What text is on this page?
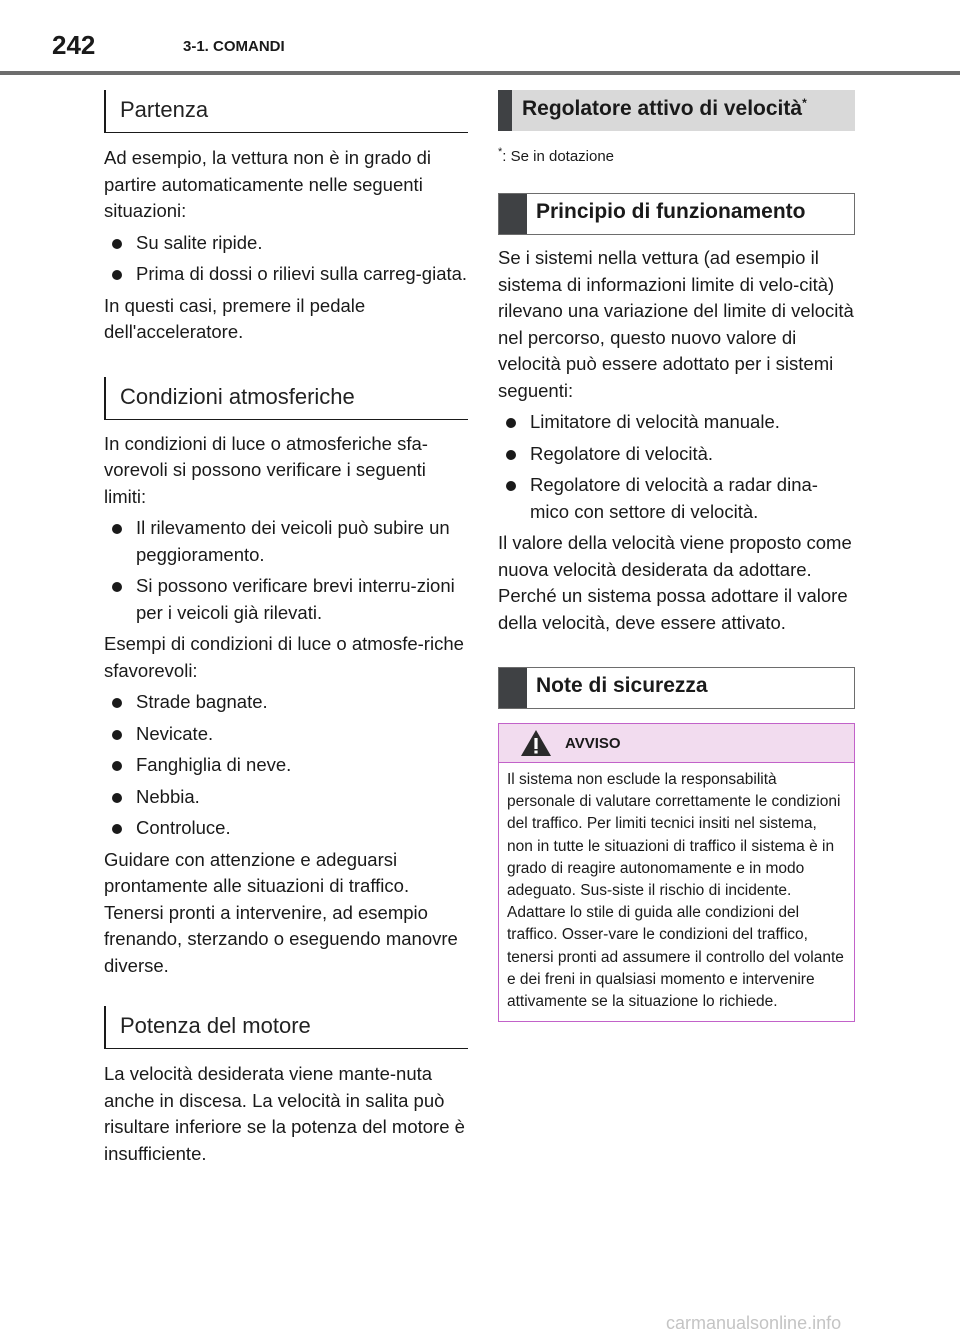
242	3-1. COMANDI
Partenza

Ad esempio, la vettura non è in grado di partire automaticamente nelle seguenti situazioni:

Su salite ripide.
Prima di dossi o rilievi sulla carreg-giata.

In questi casi, premere il pedale dell'acceleratore.

Condizioni atmosferiche

In condizioni di luce o atmosferiche sfa-vorevoli si possono verificare i seguenti limiti:

Il rilevamento dei veicoli può subire un peggioramento.
Si possono verificare brevi interru-zioni per i veicoli già rilevati.

Esempi di condizioni di luce o atmosfe-riche sfavorevoli:

Strade bagnate.
Nevicate.
Fanghiglia di neve.
Nebbia.
Controluce.

Guidare con attenzione e adeguarsi prontamente alle situazioni di traffico. Tenersi pronti a intervenire, ad esempio frenando, sterzando o eseguendo manovre diverse.

Potenza del motore

La velocità desiderata viene mante-nuta anche in discesa. La velocità in salita può risultare inferiore se la potenza del motore è insufficiente.

Regolatore attivo di velocità*
*: Se in dotazione
Principio di funzionamento

Se i sistemi nella vettura (ad esempio il sistema di informazioni limite di velo-cità) rilevano una variazione del limite di velocità nel percorso, questo nuovo valore di velocità può essere adottato per i sistemi seguenti:

Limitatore di velocità manuale.
Regolatore di velocità.
Regolatore di velocità a radar dina-mico con settore di velocità.

Il valore della velocità viene proposto come nuova velocità desiderata da adottare. Perché un sistema possa adottare il valore della velocità, deve essere attivato.

Note di sicurezza
AVVISO
Il sistema non esclude la responsabilità personale di valutare correttamente le condizioni del traffico. Per limiti tecnici insiti nel sistema, non in tutte le situazioni di traffico il sistema è in grado di reagire autonomamente e in modo adeguato. Sus-siste il rischio di incidente. Adattare lo stile di guida alle condizioni del traffico. Osser-vare le condizioni del traffico, tenersi pronti ad assumere il controllo del volante e dei freni in qualsiasi momento e intervenire attivamente se la situazione lo richiede.
carmanualsonline.info
